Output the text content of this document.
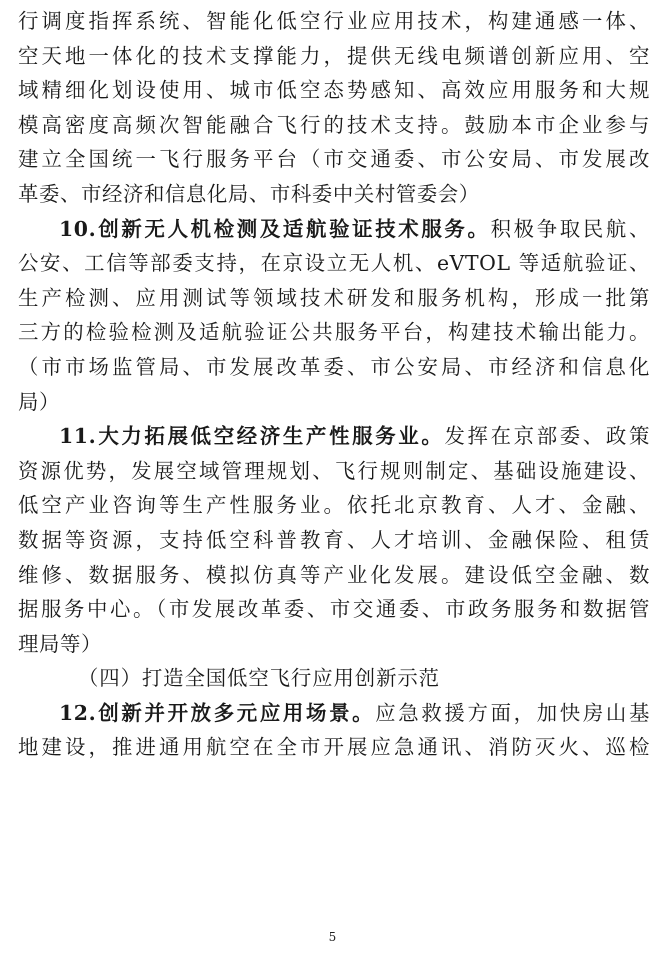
行调度指挥系统、智能化低空行业应用技术，构建通感一体、
空天地一体化的技术支撑能力，提供无线电频谱创新应用、空
域精细化划设使用、城市低空态势感知、高效应用服务和大规
模高密度高频次智能融合飞行的技术支持。鼓励本市企业参与
建立全国统一飞行服务平台（市交通委、市公安局、市发展改
革委、市经济和信息化局、市科委中关村管委会）
10.创新无人机检测及适航验证技术服务。积极争取民航、
公安、工信等部委支持，在京设立无人机、eVTOL 等适航验证、
生产检测、应用测试等领域技术研发和服务机构，形成一批第
三方的检验检测及适航验证公共服务平台，构建技术输出能力。
（市市场监管局、市发展改革委、市公安局、市经济和信息化
局）
11.大力拓展低空经济生产性服务业。发挥在京部委、政策
资源优势，发展空域管理规划、飞行规则制定、基础设施建设、
低空产业咨询等生产性服务业。依托北京教育、人才、金融、
数据等资源，支持低空科普教育、人才培训、金融保险、租赁
维修、数据服务、模拟仿真等产业化发展。建设低空金融、数
据服务中心。（市发展改革委、市交通委、市政务服务和数据管
理局等）
（四）打造全国低空飞行应用创新示范
12.创新并开放多元应用场景。应急救援方面，加快房山基
地建设，推进通用航空在全市开展应急通讯、消防灭火、巡检
5
